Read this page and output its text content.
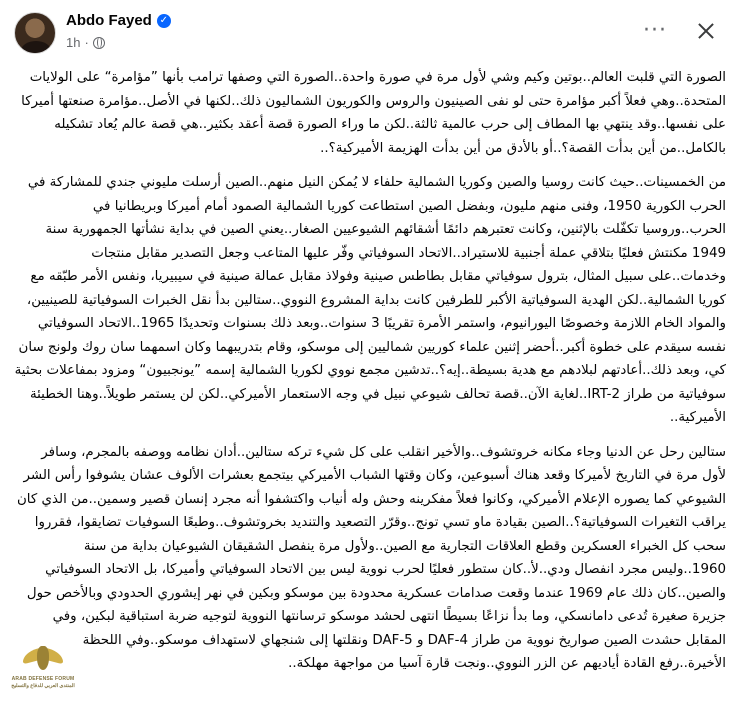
Abdo Fayed ✓
1h ·	···

الصورة التي قلبت العالم..بوتين وكيم وشي لأول مرة في صورة واحدة..الصورة التي وصفها ترامب بأنها ”مؤامرة“ على الولايات المتحدة..وهي فعلاً أكبر مؤامرة حتى لو نفى الصينيون والروس والكوريون الشماليون ذلك..لكنها في الأصل..مؤامرة صنعتها أميركا على نفسها..وقد ينتهي بها المطاف إلى حرب عالمية ثالثة..لكن ما وراء الصورة قصة أعقد بكثير..هي قصة عالم يُعاد تشكيله بالكامل..من أين بدأت القصة؟..أو بالأدق من أين بدأت الهزيمة الأميركية؟..

من الخمسينات..حيث كانت روسيا والصين وكوريا الشمالية حلفاء لا يُمكن النيل منهم..الصين أرسلت مليوني جندي للمشاركة في الحرب الكورية 1950، وفنى منهم مليون، وبفضل الصين استطاعت كوريا الشمالية الصمود أمام أميركا وبريطانيا في الحرب..وروسيا تكفّلت بالإثنين، وكانت تعتبرهم دائمًا أشقائهم الشيوعيين الصغار..يعني الصين في بداية نشأتها الجمهورية سنة 1949 مكنتش فعليًا بتلاقي عملة أجنبية للاستيراد..الاتحاد السوفياتي وفّر عليها المتاعب وجعل التصدير مقابل منتجات وخدمات..على سبيل المثال، بترول سوفياتي مقابل بطاطس صينية وفولاذ مقابل عمالة صينية في سيبيريا، ونفس الأمر طبّقه مع كوريا الشمالية..لكن الهدية السوفياتية الأكبر للطرفين كانت بداية المشروع النووي..ستالين بدأ نقل الخبرات السوفياتية للصينيين، والمواد الخام اللازمة وخصوصًا اليورانيوم، واستمر الأمرة تقريبًا 3 سنوات..وبعد ذلك بسنوات وتحديدًا 1965..الاتحاد السوفياتي نفسه سيقدم على خطوة أكبر..أحضر إثنين علماء كوريين شماليين إلى موسكو، وقام بتدريبهما وكان اسمهما سان روك ولونج سان كي، وبعد ذلك..أعادتهم لبلادهم مع هدية بسيطة..إيه؟..تدشين مجمع نووي لكوريا الشمالية إسمه ”يونجبيون“ ومزود بمفاعلات بحثية سوفياتية من طراز IRT-2..لغاية الآن..قصة تحالف شيوعي نبيل في وجه الاستعمار الأميركي..لكن لن يستمر طويلاً..وهنا الخطيئة الأميركية..

ستالين رحل عن الدنيا وجاء مكانه خروتشوف..والأخير انقلب على كل شيء تركه ستالين..أدان نظامه ووصفه بالمجرم، وسافر لأول مرة في التاريخ لأميركا وقعد هناك أسبوعين، وكان وقتها الشباب الأميركي بيتجمع بعشرات الألوف عشان يشوفوا رأس الشر الشيوعي كما يصوره الإعلام الأميركي، وكانوا فعلاً مفكرينه وحش وله أنياب واكتشفوا أنه مجرد إنسان قصير وسمين..من الذي كان يراقب التغيرات السوفياتية؟..الصين بقيادة ماو تسي تونج..وقرّر التصعيد والتنديد بخروتشوف..وطبعًا السوفيات تضايقوا، فقرروا سحب كل الخبراء العسكرين وقطع العلاقات التجارية مع الصين..ولأول مرة ينفصل الشقيقان الشيوعيان بداية من سنة 1960..وليس مجرد انفصال ودي..لأ..كان ستطور فعليًا لحرب نووية ليس بين الاتحاد السوفياتي وأميركا، بل الاتحاد السوفياتي والصين..كان ذلك عام 1969 عندما وقعت صدامات عسكرية محدودة بين موسكو وبكين في نهر إيشوري الحدودي وبالأخص حول جزيرة صغيرة تُدعى دامانسكي، وما بدأ نزاعًا بسيطًا انتهى لحشد موسكو ترسانتها النووية لتوجيه ضربة استباقية لبكين، وفي المقابل حشدت الصين صواريخ نووية من طراز DAF-4 و DAF-5 ونقلتها إلى شنجهاي لاستهداف موسكو..وفي اللحظة الأخيرة..رفع القادة أياديهم عن الزر النووي..ونجت قارة آسيا من مواجهة مهلكة..

ARAB DEFENSE FORUM
المنتدى العربي للدفاع والتسليح
